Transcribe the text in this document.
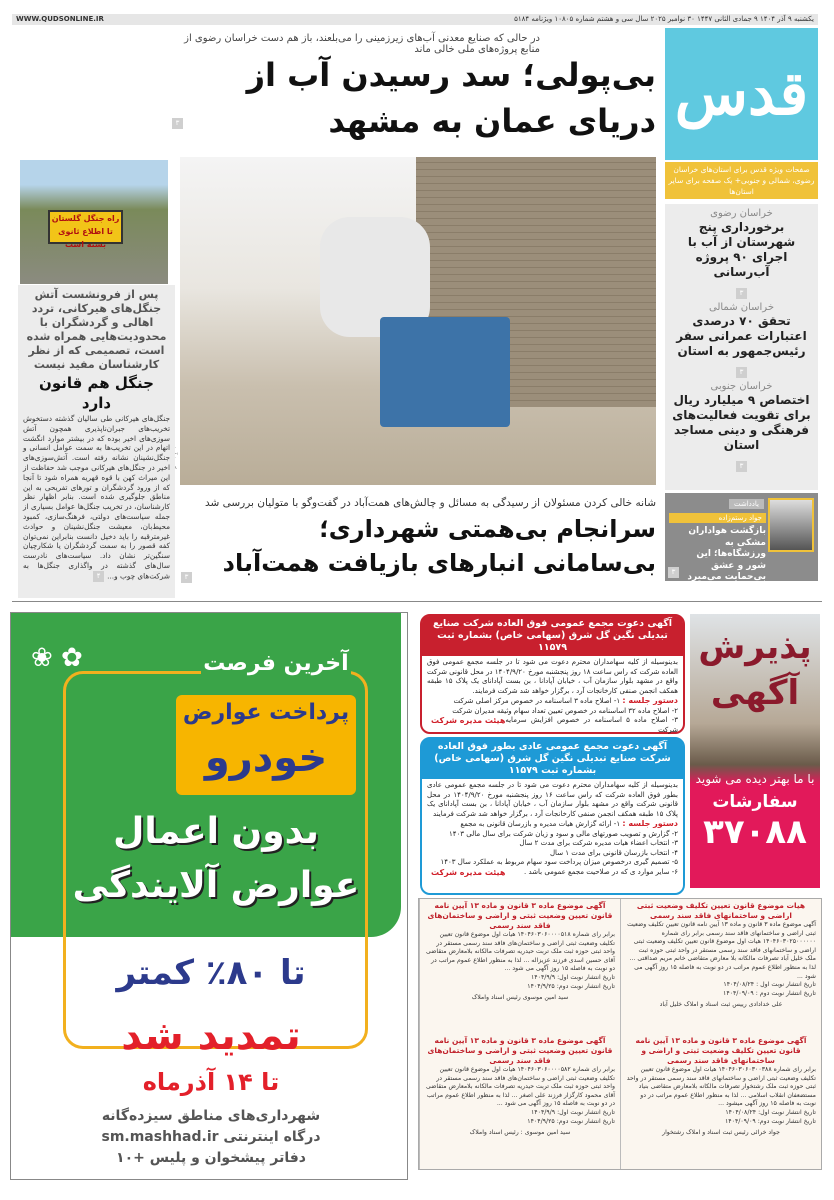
WWW.QUDSONLINE.IR	یکشنبه ۹ آذر ۱۴۰۴ ۹ جمادی الثانی ۱۴۴۷ ۳۰ نوامبر ۲۰۲۵ سال سی و هشتم شماره ۱۰۸۰۵ ویژنامه ۵۱۸۴
قدس
صفحات ویژه قدس برای استان‌های خراسان رضوی، شمالی و جنوبی+ یک صفحه برای سایر استان‌ها
خراسان رضوی
برخورداری پنج شهرستان از آب با اجرای ۹۰ پروژه آب‌رسانی
۳
خراسان شمالی
تحقق ۷۰ درصدی اعتبارات عمرانی سفر رئیس‌جمهور به استان
۳
خراسان جنوبی
اختصاص ۹ میلیارد ریال برای تقویت فعالیت‌های فرهنگی و دینی مساجد استان
۳
یادداشت
جواد رستم‌زاده
بازگشت هواداران مشکی به ورزشگاه‌ها؛ این شور و عشق بی‌حمایت می‌میرد
۳
در حالی که صنایع معدنی آب‌های زیرزمینی را می‌بلعند، باز هم دست خراسان رضوی از منابع پروژه‌های ملی خالی ماند
بی‌پولی؛ سد رسیدن آب از دریای عمان به مشهد
۳
شانه خالی کردن مسئولان از رسیدگی به مسائل و چالش‌های همت‌آباد در گفت‌وگو با متولیان بررسی شد
سرانجام بی‌همتی شهرداری؛ بی‌سامانی انبارهای بازیافت همت‌آباد
۳
راه جنگل گلستان تا اطلاع ثانوی بسته است
پس از فرونشست آتش جنگل‌های هیرکانی، تردد اهالی و گردشگران با محدودیت‌هایی همراه شده است، تصمیمی که از نظر کارشناسان مفید نیست
جنگل هم قانون دارد
جنگل‌های هیرکانی طی سالیان گذشته دستخوش تخریب‌های جبران‌ناپذیری همچون آتش سوزی‌های اخیر بوده که در بیشتر موارد انگشت اتهام در این تخریب‌ها به سمت عوامل انسانی و جنگل‌نشینان نشانه رفته است. آتش‌سوزی‌های اخیر در جنگل‌های هیرکانی موجب شد حفاظت از این میراث کهن با قوه قهریه همراه شود تا آنجا که از ورود گردشگران و تورهای تفریحی به این مناطق جلوگیری شده است. بنابر اظهار نظر کارشناسان، در تخریب جنگل‌ها عوامل بسیاری از جمله سیاست‌های دولتی، فرهنگ‌سازی، کمبود محیط‌بان، معیشت جنگل‌نشینان و حوادث غیرمترقبه را باید دخیل دانست بنابراین نمی‌توان کفه قصور را به سمت گردشگران یا شکارچیان سنگین‌تر نشان داد. سیاست‌های نادرست سال‌های گذشته در واگذاری جنگل‌ها به شرکت‌های چوب و...۴
✿ ❀	آخرین فرصت
پرداخت عوارض
خودرو
بدون اعمال
عوارض آلایندگی
تا ۸۰٪ کمتر
تمدید شد
تا ۱۴ آذرماه
شهرداری‌های مناطق سیزده‌گانه
درگاه اینترنتی sm.mashhad.ir
دفاتر پیشخوان و پلیس +۱۰
آگهی دعوت مجمع عمومی فوق العاده شرکت صنایع تبدیلی نگین گل شرق (سهامی خاص) بشماره ثبت ۱۱۵۷۹
بدینوسیله از کلیه سهامداران محترم دعوت می شود تا در جلسه مجمع عمومی فوق العاده شرکت که راس ساعت ۱۸ روز پنجشنبه مورخ ۱۴۰۴/۹/۲۰ در محل قانونی شرکت واقع در مشهد بلوار سازمان آب ، خیابان آپادانا ، بن بست آپادانای یک پلاک ۱۵ طبقه همکف انجمن صنفی کارخانجات آرد ، برگزار خواهد شد شرکت فرمایند.
دستور جلسه : ۱- اصلاح ماده ۳ اساسنامه در خصوص مرکز اصلی شرکت
۲- اصلاح ماده ۳۲ اساسنامه در خصوص تعیین تعداد سهام وثیقه مدیران شرکت
هیئت مدیره شرکت ۳- اصلاح ماده ۵ اساسنامه در خصوص افزایش سرمایه شرکت
آگهی دعوت مجمع عمومی عادی بطور فوق العاده شرکت صنایع تبدیلی نگین گل شرق (سهامی خاص) بشماره ثبت ۱۱۵۷۹
بدینوسیله از کلیه سهامداران محترم دعوت می شود تا در جلسه مجمع عمومی عادی بطور فوق العاده شرکت که راس ساعت ۱۶ روز پنجشنبه مورخ ۱۴۰۴/۹/۲۰ در محل قانونی شرکت واقع در مشهد بلوار سازمان آب ، خیابان آپادانا ، بن بست آپادانای یک پلاک ۱۵ طبقه همکف انجمن صنفی کارخانجات آرد ، برگزار خواهد شد شرکت فرمایند
دستور جلسه : ۱- ارائه گزارش هیات مدیره و بازرسان قانونی به مجمع
۲- گزارش و تصویب صورتهای مالی و سود و زیان شرکت برای سال مالی ۱۴۰۳
۳- انتخاب اعضاء هیات مدیره شرکت برای مدت ۲ سال
۴- انتخاب بازرسان قانونی برای مدت ۱ سال
۵- تصمیم گیری درخصوص میزان پرداخت سود سهام مربوط به عملکرد سال ۱۴۰۳
هیئت مدیره شرکت	۶- سایر موارد ی که در صلاحیت مجمع عمومی باشد .
پذیرش
آگهی
با ما بهتر دیده می شوید
سفارشات
۳۷۰۸۸
هیات موضوع قانون تعیین تکلیف وضعیت ثبتی اراضی و ساختمانهای فاقد سند رسمی
آگهی موضوع ماده ۳ قانون و ماده ۱۳ آیین نامه قانون تعیین تکلیف وضعیت ثبتی اراضی و ساختمانهای فاقد سند رسمی برابر رای شماره ۱۴۰۴۶۰۳۰۲۵۰۰۰۰۰۰ هیات اول موضوع قانون تعیین تکلیف وضعیت ثبتی اراضی و ساختمانهای فاقد سند رسمی مستقر در واحد ثبتی حوزه ثبت ملک خلیل آباد تصرفات مالکانه بلا معارض متقاضی خانم مریم صداقتی ... لذا به منظور اطلاع عموم مراتب در دو نوبت به فاصله ۱۵ روز آگهی می شود ...
تاریخ انتشار نوبت اول : ۱۴۰۴/۰۸/۲۴
تاریخ انتشار نوبت دوم : ۱۴۰۴/۰۹/۰۹
علی خدادادی رییس ثبت اسناد و املاک خلیل آباد
آگهی موضوع ماده ۳ قانون و ماده ۱۳ آیین نامه قانون تعیین وضعیت ثبتی و اراضی و ساختمان‌های فاقد سند رسمی
برابر رای شماره ۱۴۰۴۶۰۳۰۶۰۰۰۰۵۱۸ هیات اول موضوع قانون تعیین تکلیف وضعیت ثبتی اراضی و ساختمان‌های فاقد سند رسمی مستقر در واحد ثبتی حوزه ثبت ملک تربت حیدریه تصرفات مالکانه بلامعارض متقاضی آقای حسین اسدی فرزند عزیزاله ... لذا به منظور اطلاع عموم مراتب در دو نوبت به فاصله ۱۵ روز آگهی می شود ...
تاریخ انتشار نوبت اول: ۱۴۰۴/۹/۹
تاریخ انتشار نوبت دوم: ۱۴۰۴/۹/۲۵
سید امین موسوی رئیس اسناد واملاک
آگهی موضوع ماده ۳ قانون و ماده ۱۳ آیین نامه قانون تعیین تکلیف وضعیت ثبتی و اراضی و ساختمانهای فاقد سند رسمی
برابر رای شماره ۱۴۰۴۶۰۳۰۶۰۳۰۰۳۸۸ هیات اول موضوع قانون تعیین تکلیف وضعیت ثبتی اراضی و ساختمانهای فاقد سند رسمی مستقر در واحد ثبتی حوزه ثبت ملک رشتخوار تصرفات مالکانه بلامعارض متقاضی بنیاد مستضعفان انقلاب اسلامی ... لذا به منظور اطلاع عموم مراتب در دو نوبت به فاصله ۱۵ روز آگهی میشود ...
تاریخ انتشار نوبت اول: ۱۴۰۴/۰۸/۲۴
تاریخ انتشار نوبت دوم: ۱۴۰۴/۰۹/۰۹
جواد خرائی رئیس ثبت اسناد و املاک رشتخوار
آگهی موضوع ماده ۳ قانون و ماده ۱۳ آیین نامه قانون تعیین وضعیت ثبتی و اراضی و ساختمان‌های فاقد سند رسمی
برابر رای شماره ۱۴۰۴۶۰۳۰۶۰۰۰۰۵۸۲ هیات اول موضوع قانون تعیین تکلیف وضعیت ثبتی اراضی و ساختمان‌های فاقد سند رسمی مستقر در واحد ثبتی حوزه ثبت ملک تربت حیدریه تصرفات مالکانه بلامعارض متقاضی آقای محمود کارگزار فرزند علی اصغر ... لذا به منظور اطلاع عموم مراتب در دو نوبت به فاصله ۱۵ روز آگهی می شود ...
تاریخ انتشار نوبت اول: ۱۴۰۴/۹/۹
تاریخ انتشار نوبت دوم: ۱۴۰۴/۹/۲۵
سید امین موسوی : رئیس اسناد واملاک
